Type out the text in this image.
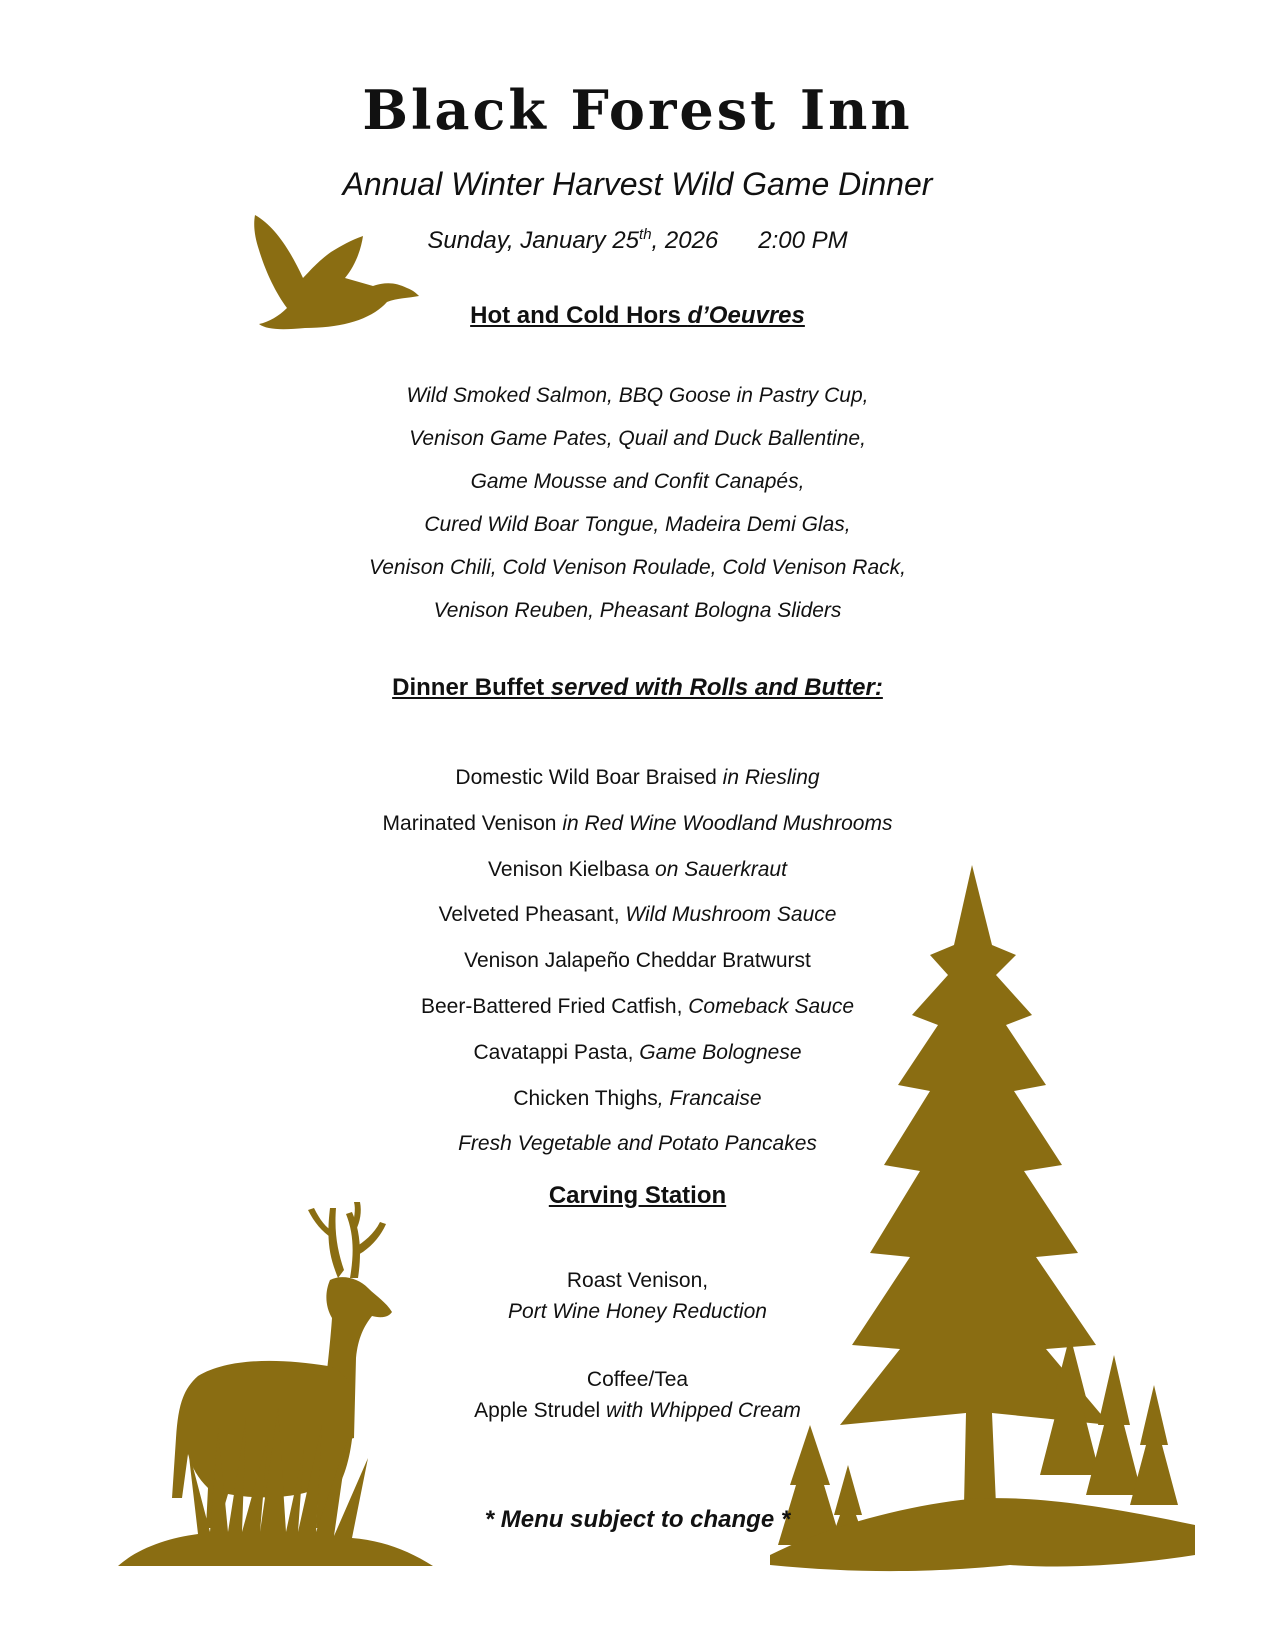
Black Forest Inn
Annual Winter Harvest Wild Game Dinner
Sunday, January 25th, 2026 2:00 PM
Hot and Cold Hors d’Oeuvres
Wild Smoked Salmon, BBQ Goose in Pastry Cup,
Venison Game Pates, Quail and Duck Ballentine,
Game Mousse and Confit Canapés,
Cured Wild Boar Tongue, Madeira Demi Glas,
Venison Chili, Cold Venison Roulade, Cold Venison Rack,
Venison Reuben, Pheasant Bologna Sliders
Dinner Buffet served with Rolls and Butter:
Domestic Wild Boar Braised in Riesling
Marinated Venison in Red Wine Woodland Mushrooms
Venison Kielbasa on Sauerkraut
Velveted Pheasant, Wild Mushroom Sauce
Venison Jalapeño Cheddar Bratwurst
Beer-Battered Fried Catfish, Comeback Sauce
Cavatappi Pasta, Game Bolognese
Chicken Thighs, Francaise
Fresh Vegetable and Potato Pancakes
Carving Station
Roast Venison,
Port Wine Honey Reduction
Coffee/Tea
Apple Strudel with Whipped Cream
* Menu subject to change *
